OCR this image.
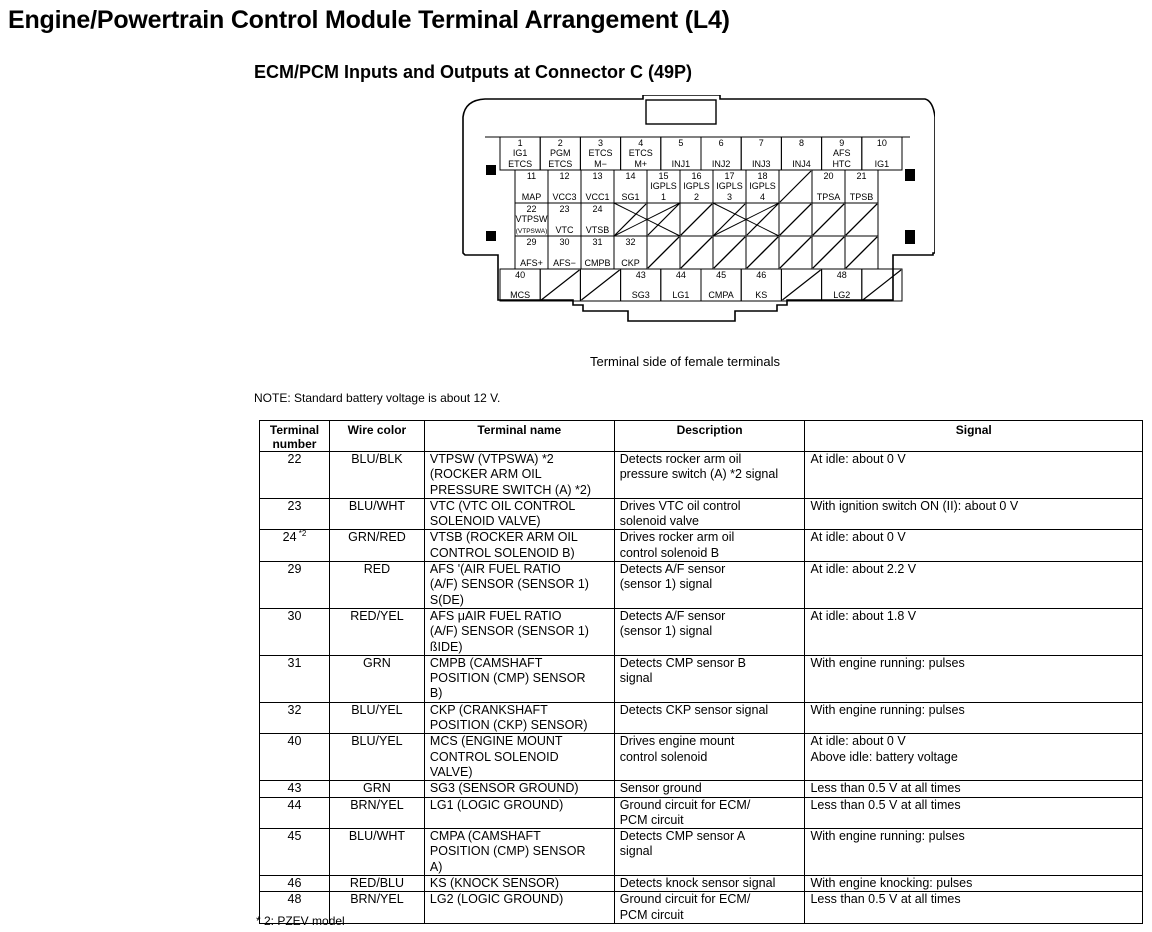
Engine/Powertrain Control Module Terminal Arrangement (L4)
ECM/PCM Inputs and Outputs at Connector C (49P)
1
IG1
ETCS
2
PGM
ETCS
3
ETCS
M−
4
ETCS
M+
5
INJ1
6
INJ2
7
INJ3
8
INJ4
9
AFS
HTC
10
IG1
11
MAP
12
VCC3
13
VCC1
14
SG1
15
IGPLS
1
16
IGPLS
2
17
IGPLS
3
18
IGPLS
4
20
TPSA
21
TPSB
22
VTPSW
(VTPSWA)
23
VTC
24
VTSB
29
AFS+
30
AFS−
31
CMPB
32
CKP
40
MCS
43
SG3
44
LG1
45
CMPA
46
KS
48
LG2
Terminal side of female terminals
NOTE: Standard battery voltage is about 12 V.
Terminal
number	Wire color	Terminal name	Description	Signal
22	BLU/BLK	VTPSW (VTPSWA) *2
(ROCKER ARM OIL
PRESSURE SWITCH (A) *2)	Detects rocker arm oil
pressure switch (A) *2 signal	At idle: about 0 V
23	BLU/WHT	VTC (VTC OIL CONTROL
SOLENOID VALVE)	Drives VTC oil control
solenoid valve	With ignition switch ON (II): about 0 V
24 $^{*2}$	GRN/RED	VTSB (ROCKER ARM OIL
CONTROL SOLENOID B)	Drives rocker arm oil
control solenoid B	At idle: about 0 V
29	RED	AFS '(AIR FUEL RATIO
(A/F) SENSOR (SENSOR 1)
S(DE)	Detects A/F sensor
(sensor 1) signal	At idle: about 2.2 V
30	RED/YEL	AFS μAIR FUEL RATIO
(A/F) SENSOR (SENSOR 1)
ßIDE)	Detects A/F sensor
(sensor 1) signal	At idle: about 1.8 V
31	GRN	CMPB (CAMSHAFT
POSITION (CMP) SENSOR
B)	Detects CMP sensor B
signal	With engine running: pulses
32	BLU/YEL	CKP (CRANKSHAFT
POSITION (CKP) SENSOR)	Detects CKP sensor signal	With engine running: pulses
40	BLU/YEL	MCS (ENGINE MOUNT
CONTROL SOLENOID
VALVE)	Drives engine mount
control solenoid	At idle: about 0 V
Above idle: battery voltage
43	GRN	SG3 (SENSOR GROUND)	Sensor ground	Less than 0.5 V at all times
44	BRN/YEL	LG1 (LOGIC GROUND)	Ground circuit for ECM/
PCM circuit	Less than 0.5 V at all times
45	BLU/WHT	CMPA (CAMSHAFT
POSITION (CMP) SENSOR
A)	Detects CMP sensor A
signal	With engine running: pulses
46	RED/BLU	KS (KNOCK SENSOR)	Detects knock sensor signal	With engine knocking: pulses
48	BRN/YEL	LG2 (LOGIC GROUND)	Ground circuit for ECM/
PCM circuit	Less than 0.5 V at all times
* 2: PZEV model
